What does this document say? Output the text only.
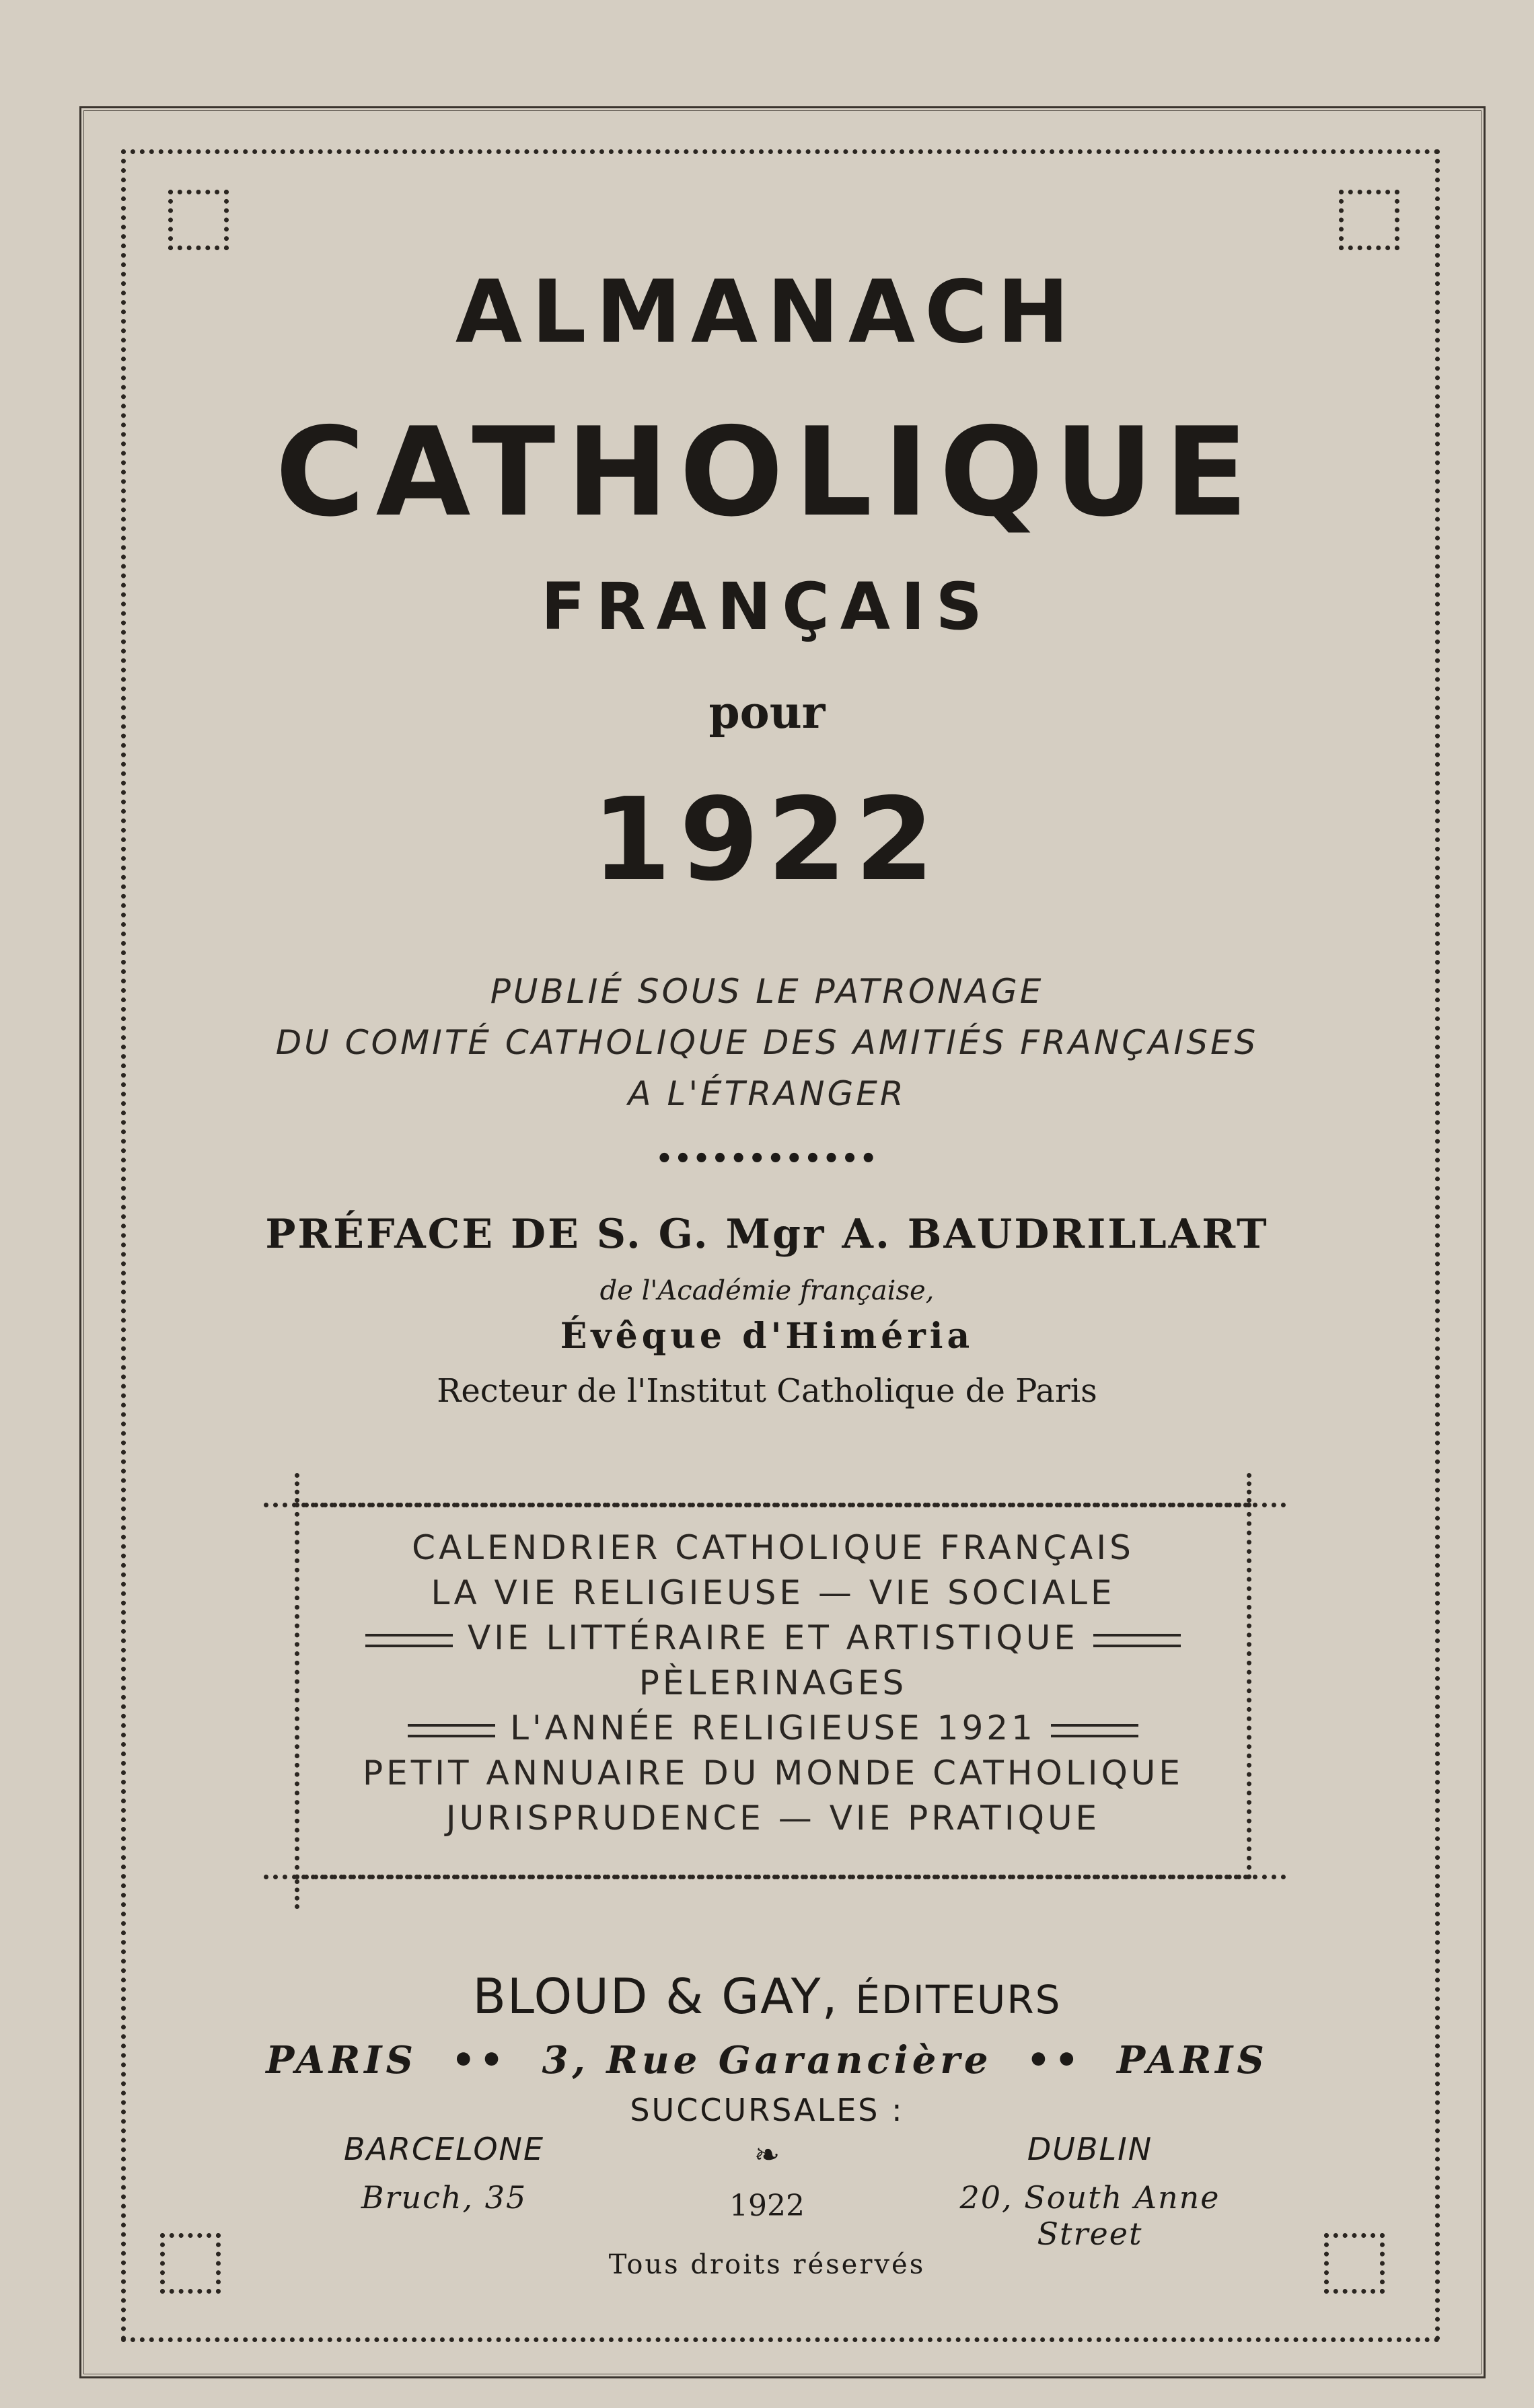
ALMANACH
CATHOLIQUE
FRANÇAIS
pour
1922
PUBLIÉ SOUS LE PATRONAGE
DU COMITÉ CATHOLIQUE DES AMITIÉS FRANÇAISES
A L'ÉTRANGER
••••••••••••
PRÉFACE DE S. G. Mgr A. BAUDRILLART
de l'Académie française,
Évêque d'Himéria
Recteur de l'Institut Catholique de Paris
CALENDRIER CATHOLIQUE FRANÇAIS
LA VIE RELIGIEUSE — VIE SOCIALE
VIE LITTÉRAIRE ET ARTISTIQUE
PÈLERINAGES
L'ANNÉE RELIGIEUSE 1921
PETIT ANNUAIRE DU MONDE CATHOLIQUE
JURISPRUDENCE — VIE PRATIQUE
BLOUD & GAY, ÉDITEURS
PARIS  ••  3, Rue Garancière  ••  PARIS
SUCCURSALES :
BARCELONE
Bruch, 35
DUBLIN
20, South Anne Street
❧
1922
Tous droits réservés
